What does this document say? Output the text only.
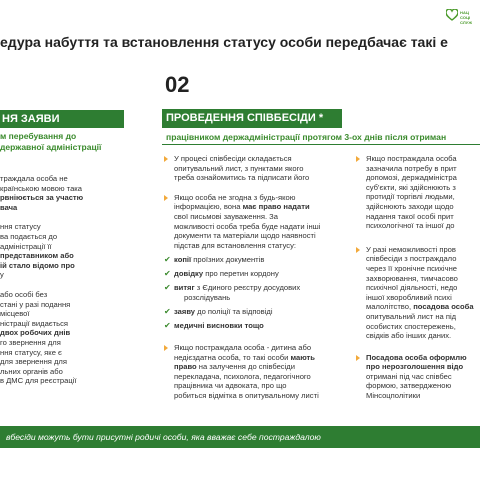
едура набуття та встановлення статусу особи передбачає такі е
НАЦ
СОЦІ
СЛУЖ
НЯ ЗАЯВИ
м перебування до
державної адміністрації
траждала особа не
країнською мовою така
рвніюється за участю
вача
ння статусу
ва подається до
адміністрації її
представником або
ій стало відомо про
у
або особі без
стані у разі подання
місцевої
ністрації видається
двох робочих днів
го звернення для
ння статусу, яке є
для звернення для
льних органів або
в ДМС для реєстрації
02
ПРОВЕДЕННЯ СПІВБЕСІДИ *
працівником держадміністрації протягом 3-ох днів після отриман
У процесі співбесіди складається
опитувальний лист, з пунктами якого
треба ознайомитись та підписати його
Якщо особа не згодна з будь-якою
інформацією, вона має право надати
свої письмові зауваження. За
можливості особа треба буде надати інші
документи та матеріали щодо наявності
підстав для встановлення статусу:
✔ копії проїзних документів
✔ довідку про перетин кордону
✔ витяг з Єдиного реєстру досудових
розслідувань
✔ заяву до поліції та відповіді
✔ медичні висновки тощо
Якщо постраждала особа - дитина або
недієздатна особа, то такі особи мають
право на залучення до співбесіди
перекладача, психолога, педагогічного
працівника чи адвоката, про що
робиться відмітка в опитувальному листі
Якщо постраждала особа
зазначила потребу в прит
допомозі, держадміністра
суб'єкти, які здійснюють з
протидії торгівлі людьми,
здійснюють заходи щодо
надання такої особі прит
психологічної та іншої до
У разі неможливості пров
співбесіди з постраждало
через її хронічне психічне
захворювання, тимчасово
психічної діяльності, недо
іншої хворобливий психі
малолітство, посадова особа
опитувальний лист на під
особистих спостережень,
свідків або інших даних.
Посадова особа оформлю
про нерозголошення відо
отримані під час співбес
формою, затвердженою
Мінсоцполітики
вбесіди можуть бути присутні родичі особи, яка вважає себе постраждалою
